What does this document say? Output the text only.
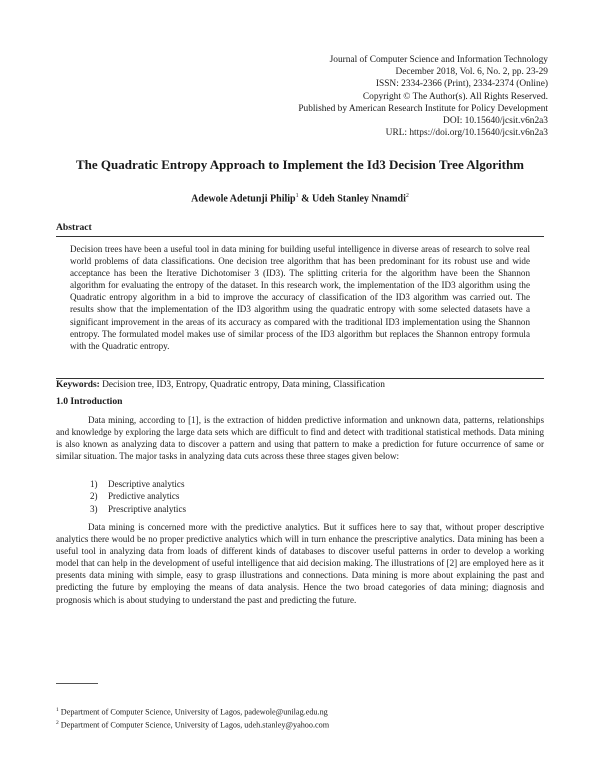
Journal of Computer Science and Information Technology
December 2018, Vol. 6, No. 2, pp. 23-29
ISSN: 2334-2366 (Print), 2334-2374 (Online)
Copyright © The Author(s). All Rights Reserved.
Published by American Research Institute for Policy Development
DOI: 10.15640/jcsit.v6n2a3
URL: https://doi.org/10.15640/jcsit.v6n2a3
The Quadratic Entropy Approach to Implement the Id3 Decision Tree Algorithm
Adewole Adetunji Philip$^1$ & Udeh Stanley Nnamdi$^2$
Abstract
Decision trees have been a useful tool in data mining for building useful intelligence in diverse areas of research to solve real world problems of data classifications. One decision tree algorithm that has been predominant for its robust use and wide acceptance has been the Iterative Dichotomiser 3 (ID3). The splitting criteria for the algorithm have been the Shannon algorithm for evaluating the entropy of the dataset. In this research work, the implementation of the ID3 algorithm using the Quadratic entropy algorithm in a bid to improve the accuracy of classification of the ID3 algorithm was carried out. The results show that the implementation of the ID3 algorithm using the quadratic entropy with some selected datasets have a significant improvement in the areas of its accuracy as compared with the traditional ID3 implementation using the Shannon entropy. The formulated model makes use of similar process of the ID3 algorithm but replaces the Shannon entropy formula with the Quadratic entropy.
Keywords: Decision tree, ID3, Entropy, Quadratic entropy, Data mining, Classification
1.0 Introduction

Data mining, according to [1], is the extraction of hidden predictive information and unknown data, patterns, relationships and knowledge by exploring the large data sets which are difficult to find and detect with traditional statistical methods. Data mining is also known as analyzing data to discover a pattern and using that pattern to make a prediction for future occurrence of same or similar situation. The major tasks in analyzing data cuts across these three stages given below:

1) Descriptive analytics
2) Predictive analytics
3) Prescriptive analytics

Data mining is concerned more with the predictive analytics. But it suffices here to say that, without proper descriptive analytics there would be no proper predictive analytics which will in turn enhance the prescriptive analytics. Data mining has been a useful tool in analyzing data from loads of different kinds of databases to discover useful patterns in order to develop a working model that can help in the development of useful intelligence that aid decision making. The illustrations of [2] are employed here as it presents data mining with simple, easy to grasp illustrations and connections. Data mining is more about explaining the past and predicting the future by employing the means of data analysis. Hence the two broad categories of data mining; diagnosis and prognosis which is about studying to understand the past and predicting the future.

$^1$ Department of Computer Science, University of Lagos, padewole@unilag.edu.ng
$^2$ Department of Computer Science, University of Lagos, udeh.stanley@yahoo.com
